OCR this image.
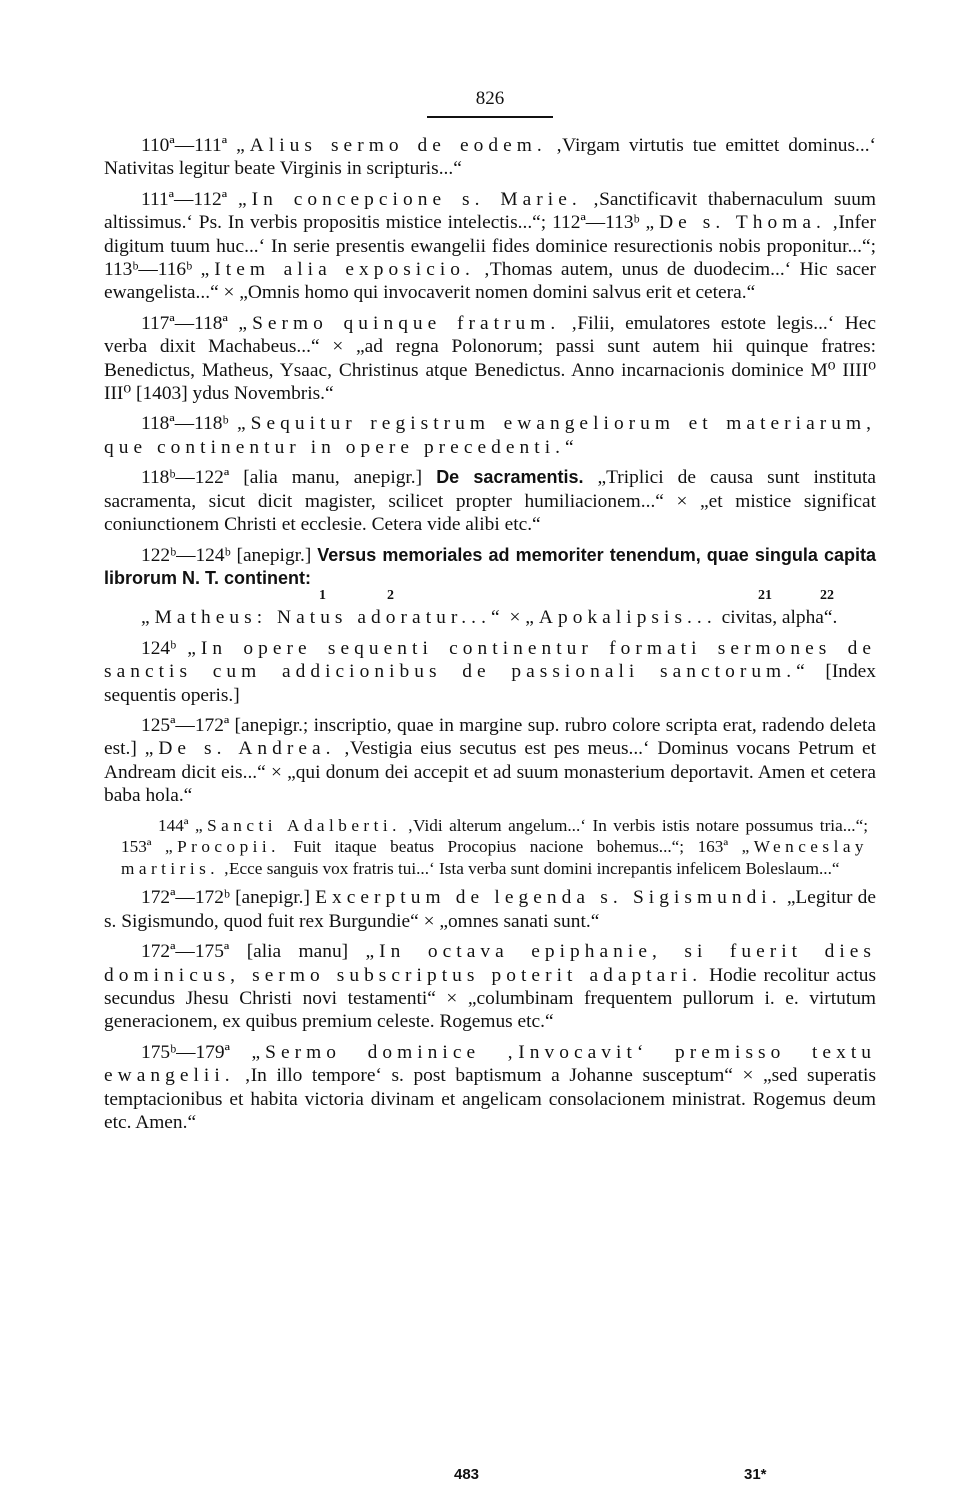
826

110ª—111ª „Alius sermo de eodem. ‚Virgam virtutis tue emittet dominus...‘ Nativitas legitur beate Virginis in scripturis...“

111ª—112ª „In concepcione s. Marie. ‚Sanctificavit thabernaculum suum altissimus.‘ Ps. In verbis propositis mistice intelectis...“; 112ª—113ᵇ „De s. Thoma. ‚Infer digitum tuum huc...‘ In serie presentis ewangelii fides dominice resurectionis nobis proponitur...“; 113ᵇ—116ᵇ „Item alia exposicio. ‚Thomas autem, unus de duodecim...‘ Hic sacer ewangelista...“ × „Omnis homo qui invocaverit nomen domini salvus erit et cetera.“

117ª—118ª „Sermo quinque fratrum. ‚Filii, emulatores estote legis...‘ Hec verba dixit Machabeus...“ × „ad regna Polonorum; passi sunt autem hii quinque fratres: Benedictus, Matheus, Ysaac, Christinus atque Benedictus. Anno incarnacionis dominice M⁰ IIII⁰ III⁰ [1403] ydus Novembris.“

118ª—118ᵇ „Sequitur registrum ewangeliorum et materiarum, que continentur in opere precedenti.“

118ᵇ—122ª [alia manu, anepigr.] De sacramentis. „Triplici de causa sunt instituta sacramenta, sicut dicit magister, scilicet propter humiliacionem...“ × „et mistice significat coniunctionem Christi et ecclesie. Cetera vide alibi etc.“

122ᵇ—124ᵇ [anepigr.] Versus memoriales ad memoriter tenendum, quae singula capita librorum N. T. continent:

1	2	21	22

„Matheus: Natus adoratur...“ × „Apokalipsis... civitas, alpha“.

124ᵇ „In opere sequenti continentur formati sermones de sanctis cum addicionibus de passionali sanctorum.“ [Index sequentis operis.]

125ª—172ª [anepigr.; inscriptio, quae in margine sup. rubro colore scripta erat, radendo deleta est.] „De s. Andrea. ‚Vestigia eius secutus est pes meus...‘ Dominus vocans Petrum et Andream dicit eis...“ × „qui donum dei accepit et ad suum monasterium deportavit. Amen et cetera baba hola.“

144ª „Sancti Adalberti. ‚Vidi alterum angelum...‘ In verbis istis notare possumus tria...“; 153ª „Procopii. Fuit itaque beatus Procopius nacione bohemus...“; 163ª „Wenceslay martiris. ‚Ecce sanguis vox fratris tui...‘ Ista verba sunt domini increpantis infelicem Boleslaum...“

172ª—172ᵇ [anepigr.] Excerptum de legenda s. Sigismundi. „Legitur de s. Sigismundo, quod fuit rex Burgundie“ × „omnes sanati sunt.“

172ª—175ª [alia manu] „In octava epiphanie, si fuerit dies dominicus, sermo subscriptus poterit adaptari. Hodie recolitur actus secundus Jhesu Christi novi testamenti“ × „columbinam frequentem pullorum i. e. virtutum generacionem, ex quibus premium celeste. Rogemus etc.“

175ᵇ—179ª „Sermo dominice ‚Invocavit‘ premisso textu ewangelii. ‚In illo tempore‘ s. post baptismum a Johanne susceptum“ × „sed superatis temptacionibus et habita victoria divinam et angelicam consolacionem ministrat. Rogemus deum etc. Amen.“

483	31*
